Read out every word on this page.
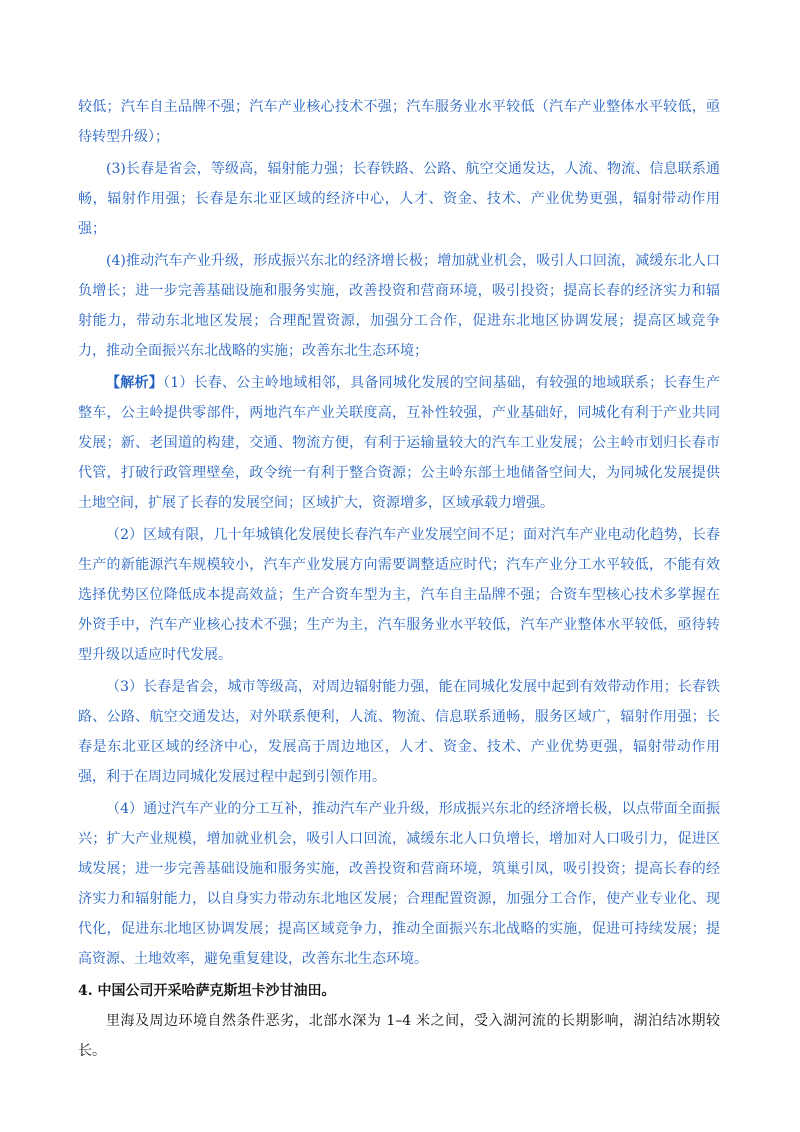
较低；汽车自主品牌不强；汽车产业核心技术不强；汽车服务业水平较低（汽车产业整体水平较低，亟待转型升级）；

(3)长春是省会，等级高，辐射能力强；长春铁路、公路、航空交通发达，人流、物流、信息联系通畅，辐射作用强；长春是东北亚区域的经济中心，人才、资金、技术、产业优势更强，辐射带动作用强；

(4)推动汽车产业升级，形成振兴东北的经济增长极；增加就业机会，吸引人口回流，减缓东北人口负增长；进一步完善基础设施和服务实施，改善投资和营商环境，吸引投资；提高长春的经济实力和辐射能力，带动东北地区发展；合理配置资源，加强分工合作，促进东北地区协调发展；提高区域竞争力，推动全面振兴东北战略的实施；改善东北生态环境；

【解析】（1）长春、公主岭地域相邻，具备同城化发展的空间基础，有较强的地域联系；长春生产整车，公主岭提供零部件，两地汽车产业关联度高，互补性较强，产业基础好，同城化有利于产业共同发展；新、老国道的构建，交通、物流方便，有利于运输量较大的汽车工业发展；公主岭市划归长春市代管，打破行政管理壁垒，政令统一有利于整合资源；公主岭东部土地储备空间大，为同城化发展提供土地空间，扩展了长春的发展空间；区域扩大，资源增多，区域承载力增强。

（2）区域有限，几十年城镇化发展使长春汽车产业发展空间不足；面对汽车产业电动化趋势，长春生产的新能源汽车规模较小，汽车产业发展方向需要调整适应时代；汽车产业分工水平较低，不能有效选择优势区位降低成本提高效益；生产合资车型为主，汽车自主品牌不强；合资车型核心技术多掌握在外资手中，汽车产业核心技术不强；生产为主，汽车服务业水平较低，汽车产业整体水平较低，亟待转型升级以适应时代发展。

（3）长春是省会，城市等级高，对周边辐射能力强，能在同城化发展中起到有效带动作用；长春铁路、公路、航空交通发达，对外联系便利，人流、物流、信息联系通畅，服务区域广，辐射作用强；长春是东北亚区域的经济中心，发展高于周边地区，人才、资金、技术、产业优势更强，辐射带动作用强，利于在周边同城化发展过程中起到引领作用。

（4）通过汽车产业的分工互补，推动汽车产业升级，形成振兴东北的经济增长极，以点带面全面振兴；扩大产业规模，增加就业机会，吸引人口回流，减缓东北人口负增长，增加对人口吸引力，促进区域发展；进一步完善基础设施和服务实施，改善投资和营商环境，筑巢引凤，吸引投资；提高长春的经济实力和辐射能力，以自身实力带动东北地区发展；合理配置资源，加强分工合作，使产业专业化、现代化，促进东北地区协调发展；提高区域竞争力，推动全面振兴东北战略的实施，促进可持续发展；提高资源、土地效率，避免重复建设，改善东北生态环境。

4. 中国公司开采哈萨克斯坦卡沙甘油田。

里海及周边环境自然条件恶劣，北部水深为 1–4 米之间，受入湖河流的长期影响，湖泊结冰期较长。
